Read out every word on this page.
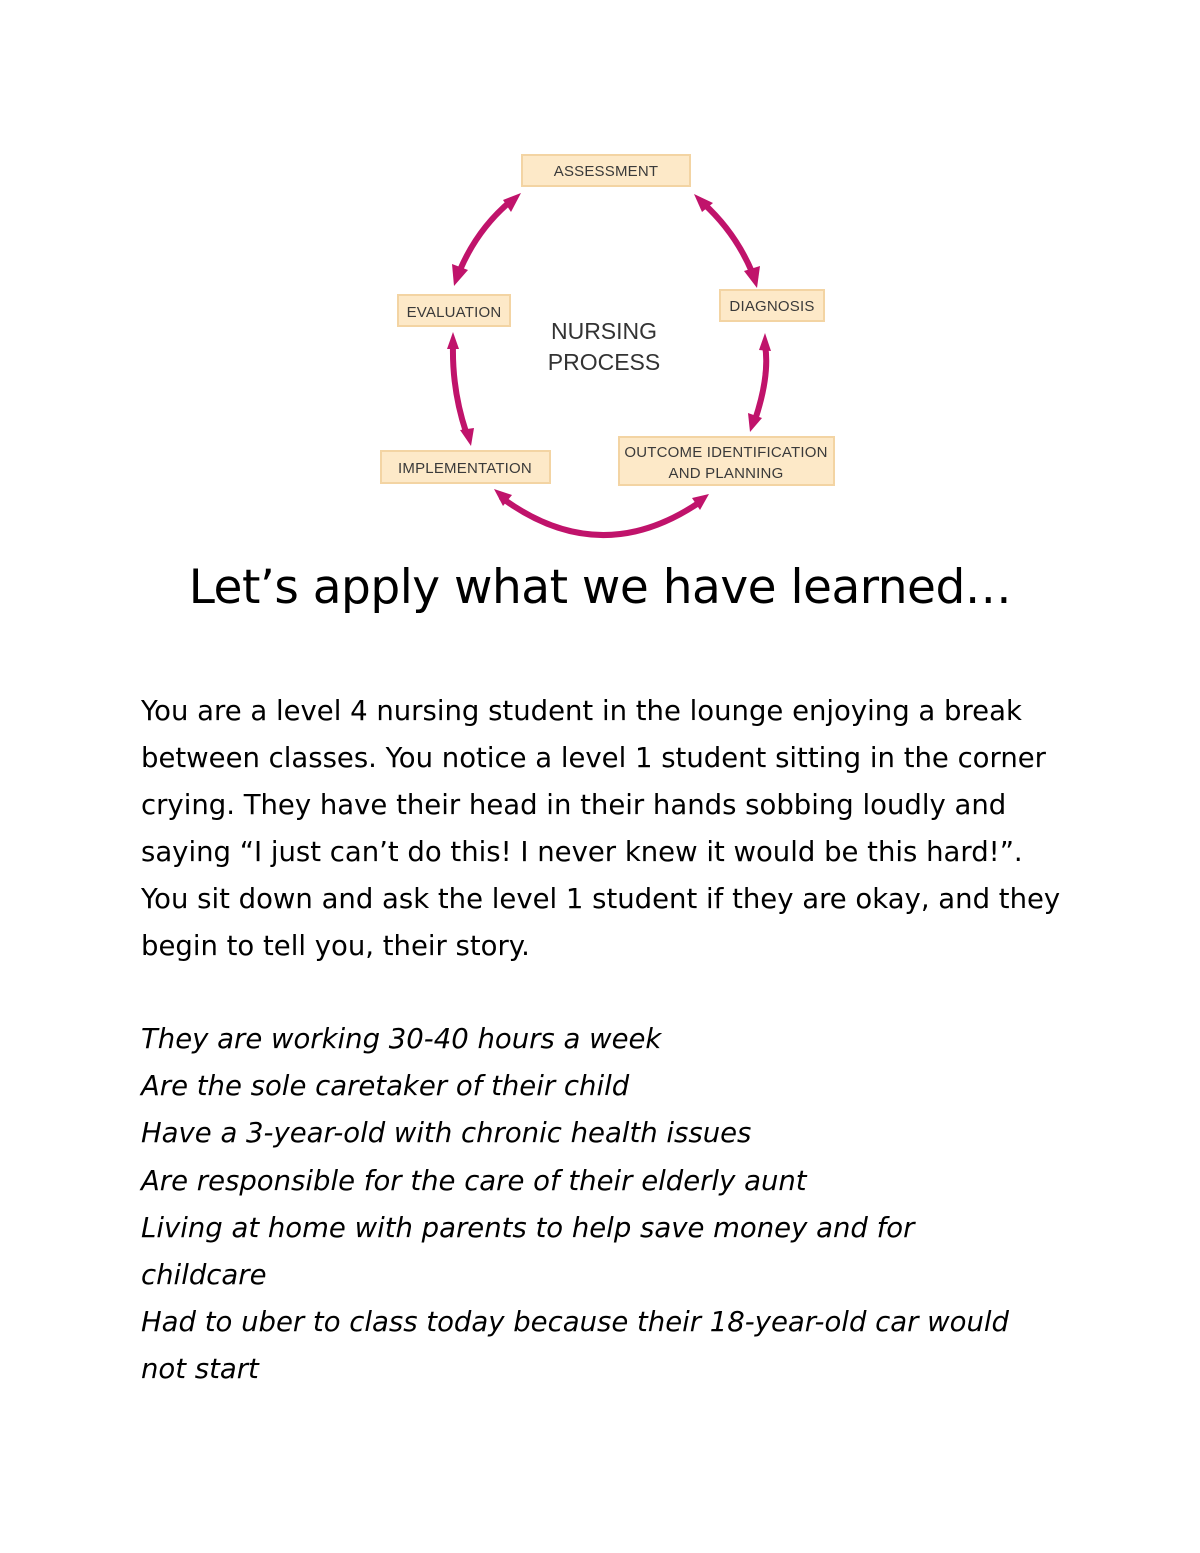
ASSESSMENT
DIAGNOSIS
OUTCOME IDENTIFICATION
AND PLANNING
IMPLEMENTATION
EVALUATION
NURSING
PROCESS
Let’s apply what we have learned…

You are a level 4 nursing student in the lounge enjoying a break between classes. You notice a level 1 student sitting in the corner crying. They have their head in their hands sobbing loudly and saying “I just can’t do this! I never knew it would be this hard!”. You sit down and ask the level 1 student if they are okay, and they begin to tell you, their story.

They are working 30-40 hours a week
Are the sole caretaker of their child
Have a 3-year-old with chronic health issues
Are responsible for the care of their elderly aunt
Living at home with parents to help save money and for childcare
Had to uber to class today because their 18-year-old car would not start
